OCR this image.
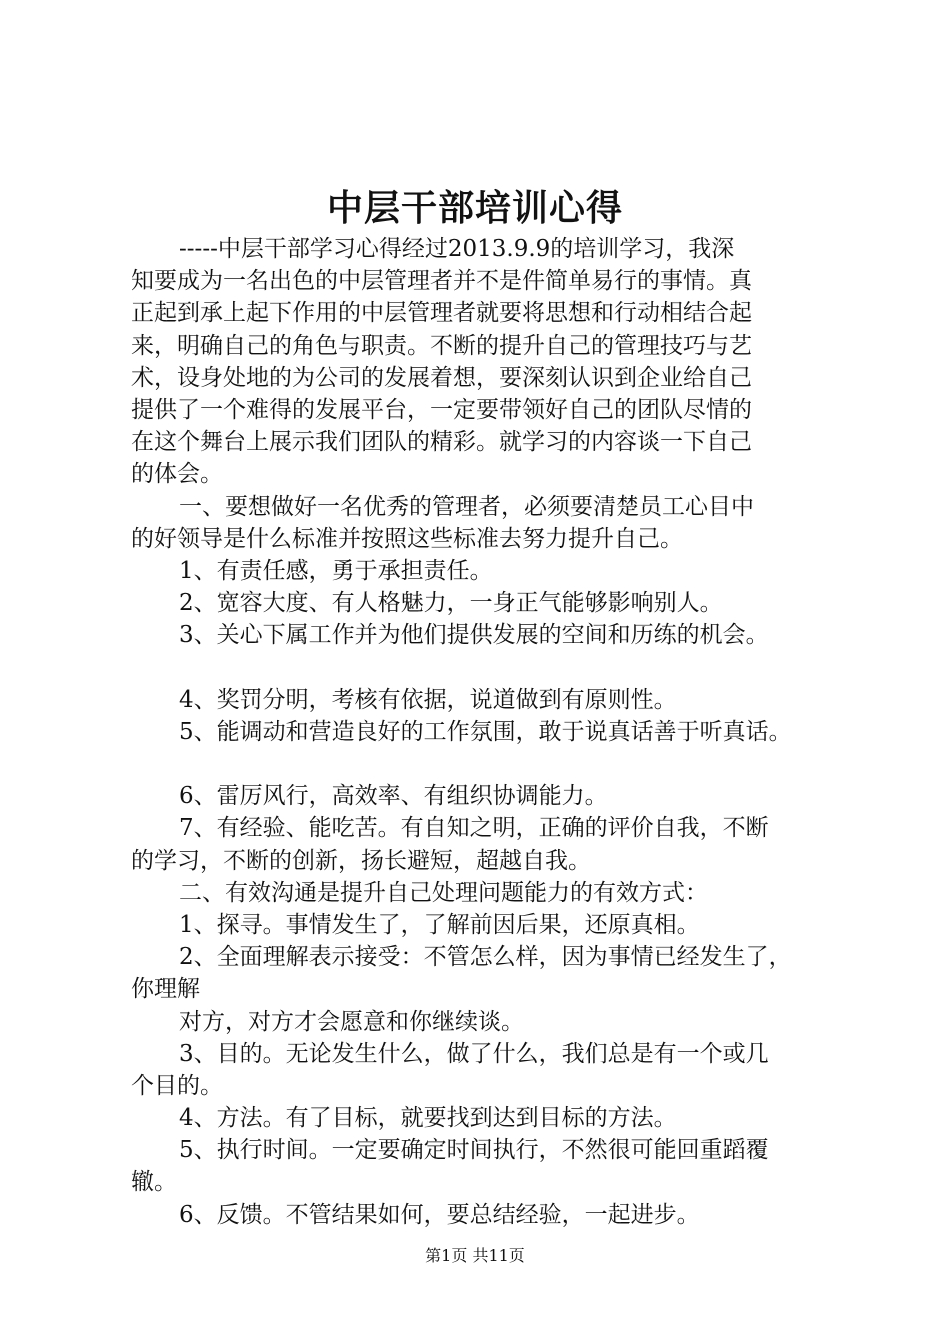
中层干部培训心得
-----中层干部学习心得经过2013.9.9的培训学习，我深
知要成为一名出色的中层管理者并不是件简单易行的事情。真
正起到承上起下作用的中层管理者就要将思想和行动相结合起
来，明确自己的角色与职责。不断的提升自己的管理技巧与艺
术，设身处地的为公司的发展着想，要深刻认识到企业给自己
提供了一个难得的发展平台，一定要带领好自己的团队尽情的
在这个舞台上展示我们团队的精彩。就学习的内容谈一下自己
的体会。
一、要想做好一名优秀的管理者，必须要清楚员工心目中
的好领导是什么标准并按照这些标准去努力提升自己。
1、有责任感，勇于承担责任。
2、宽容大度、有人格魅力，一身正气能够影响别人。
3、关心下属工作并为他们提供发展的空间和历练的机会。
4、奖罚分明，考核有依据，说道做到有原则性。
5、能调动和营造良好的工作氛围，敢于说真话善于听真话。
6、雷厉风行，高效率、有组织协调能力。
7、有经验、能吃苦。有自知之明，正确的评价自我，不断
的学习，不断的创新，扬长避短，超越自我。
二、有效沟通是提升自己处理问题能力的有效方式：
1、探寻。事情发生了，了解前因后果，还原真相。
2、全面理解表示接受：不管怎么样，因为事情已经发生了，
你理解
对方，对方才会愿意和你继续谈。
3、目的。无论发生什么，做了什么，我们总是有一个或几
个目的。
4、方法。有了目标，就要找到达到目标的方法。
5、执行时间。一定要确定时间执行，不然很可能回重蹈覆
辙。
6、反馈。不管结果如何，要总结经验，一起进步。
第1页 共11页
